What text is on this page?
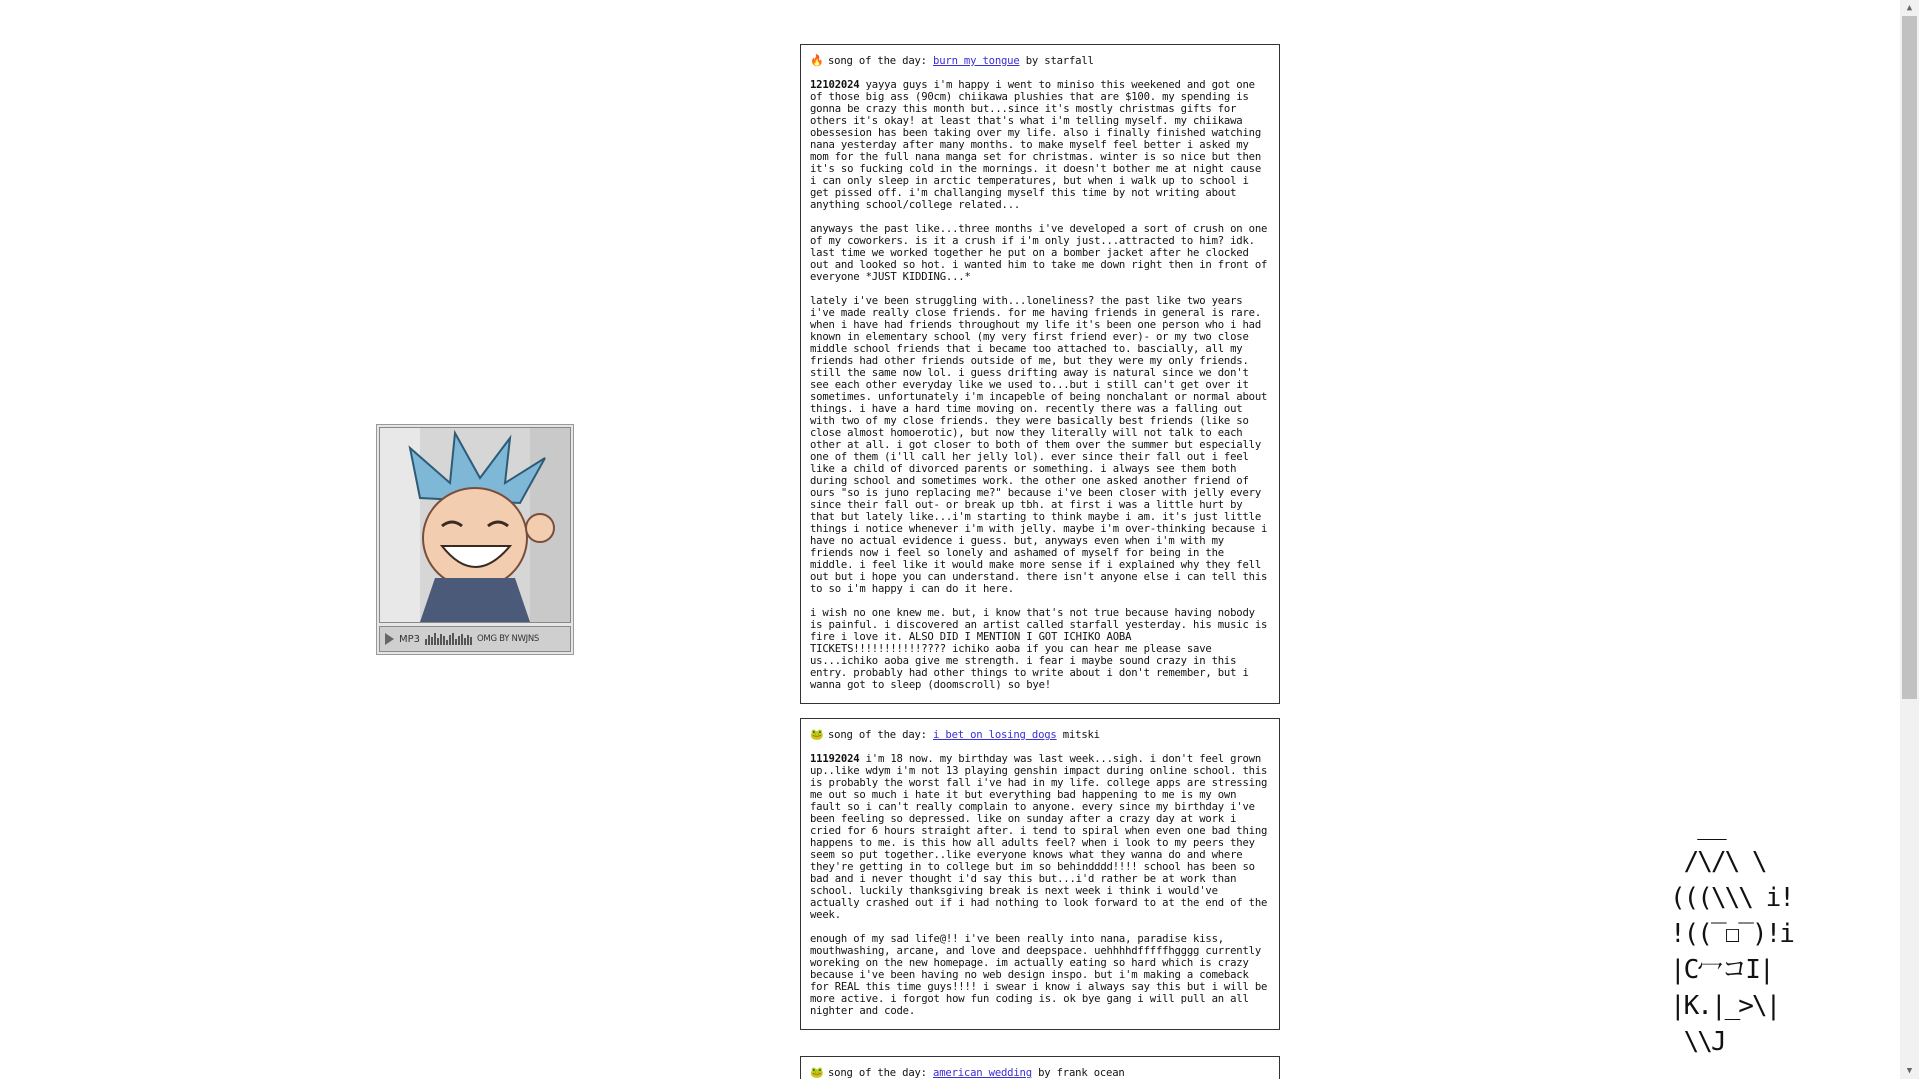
🔥 song of the day: burn my tongue by starfall

12102024 yayya guys i'm happy i went to miniso this weekened and got one of those big ass (90cm) chiikawa plushies that are $100. my spending is gonna be crazy this month but...since it's mostly christmas gifts for others it's okay! at least that's what i'm telling myself. my chiikawa obessesion has been taking over my life. also i finally finished watching nana yesterday after many months. to make myself feel better i asked my mom for the full nana manga set for christmas. winter is so nice but then it's so fucking cold in the mornings. it doesn't bother me at night cause i can only sleep in arctic temperatures, but when i walk up to school i get pissed off. i'm challanging myself this time by not writing about anything school/college related...

anyways the past like...three months i've developed a sort of crush on one of my coworkers. is it a crush if i'm only just...attracted to him? idk. last time we worked together he put on a bomber jacket after he clocked out and looked so hot. i wanted him to take me down right then in front of everyone *JUST KIDDING...*

lately i've been struggling with...loneliness? the past like two years i've made really close friends. for me having friends in general is rare. when i have had friends throughout my life it's been one person who i had known in elementary school (my very first friend ever)- or my two close middle school friends that i became too attached to. bascially, all my friends had other friends outside of me, but they were my only friends. still the same now lol. i guess drifting away is natural since we don't see each other everyday like we used to...but i still can't get over it sometimes. unfortunately i'm incapeble of being nonchalant or normal about things. i have a hard time moving on. recently there was a falling out with two of my close friends. they were basically best friends (like so close almost homoerotic), but now they literally will not talk to each other at all. i got closer to both of them over the summer but especially one of them (i'll call her jelly lol). ever since their fall out i feel like a child of divorced parents or something. i always see them both during school and sometimes work. the other one asked another friend of ours "so is juno replacing me?" because i've been closer with jelly every since their fall out- or break up tbh. at first i was a little hurt by that but lately like...i'm starting to think maybe i am. it's just little things i notice whenever i'm with jelly. maybe i'm over-thinking because i have no actual evidence i guess. but, anyways even when i'm with my friends now i feel so lonely and ashamed of myself for being in the middle. i feel like it would make more sense if i explained why they fell out but i hope you can understand. there isn't anyone else i can tell this to so i'm happy i can do it here.

i wish no one knew me. but, i know that's not true because having nobody is painful. i discovered an artist called starfall yesterday. his music is fire i love it. ALSO DID I MENTION I GOT ICHIKO AOBA TICKETS!!!!!!!!!!!???? ichiko aoba if you can hear me please save us...ichiko aoba give me strength. i fear i maybe sound crazy in this entry. probably had other things to write about i don't remember, but i wanna got to sleep (doomscroll) so bye!

🐸 song of the day: i bet on losing dogs mitski

11192024 i'm 18 now. my birthday was last week...sigh. i don't feel grown up..like wdym i'm not 13 playing genshin impact during online school. this is probably the worst fall i've had in my life. college apps are stressing me out so much i hate it but everything bad happening to me is my own fault so i can't really complain to anyone. every since my birthday i've been feeling so depressed. like on sunday after a crazy day at work i cried for 6 hours straight after. i tend to spiral when even one bad thing happens to me. is this how all adults feel? when i look to my peers they seem so put together..like everyone knows what they wanna do and where they're getting in to college but im so behindddd!!!! school has been so bad and i never thought i'd say this but...i'd rather be at work than school. luckily thanksgiving break is next week i think i would've actually crashed out if i had nothing to look forward to at the end of the week.

enough of my sad life@!! i've been really into nana, paradise kiss, mouthwashing, arcane, and love and deepspace. uehhhhdfffffhgggg currently woreking on the new homepage. im actually eating so hard which is crazy because i've been having no web design inspo. but i'm making a comeback for REAL this time guys!!!! i swear i know i always say this but i will be more active. i forgot how fun coding is. ok bye gang i will pull an all nighter and code.

🐸 song of the day: american wedding by frank ocean
MP3	OMG BY NWJNS
__
/\/\ \
(((\\\ i!
!((‾☐‾)!i
|C冖コI|
|K.|_>\|
\\J
▲
▼
